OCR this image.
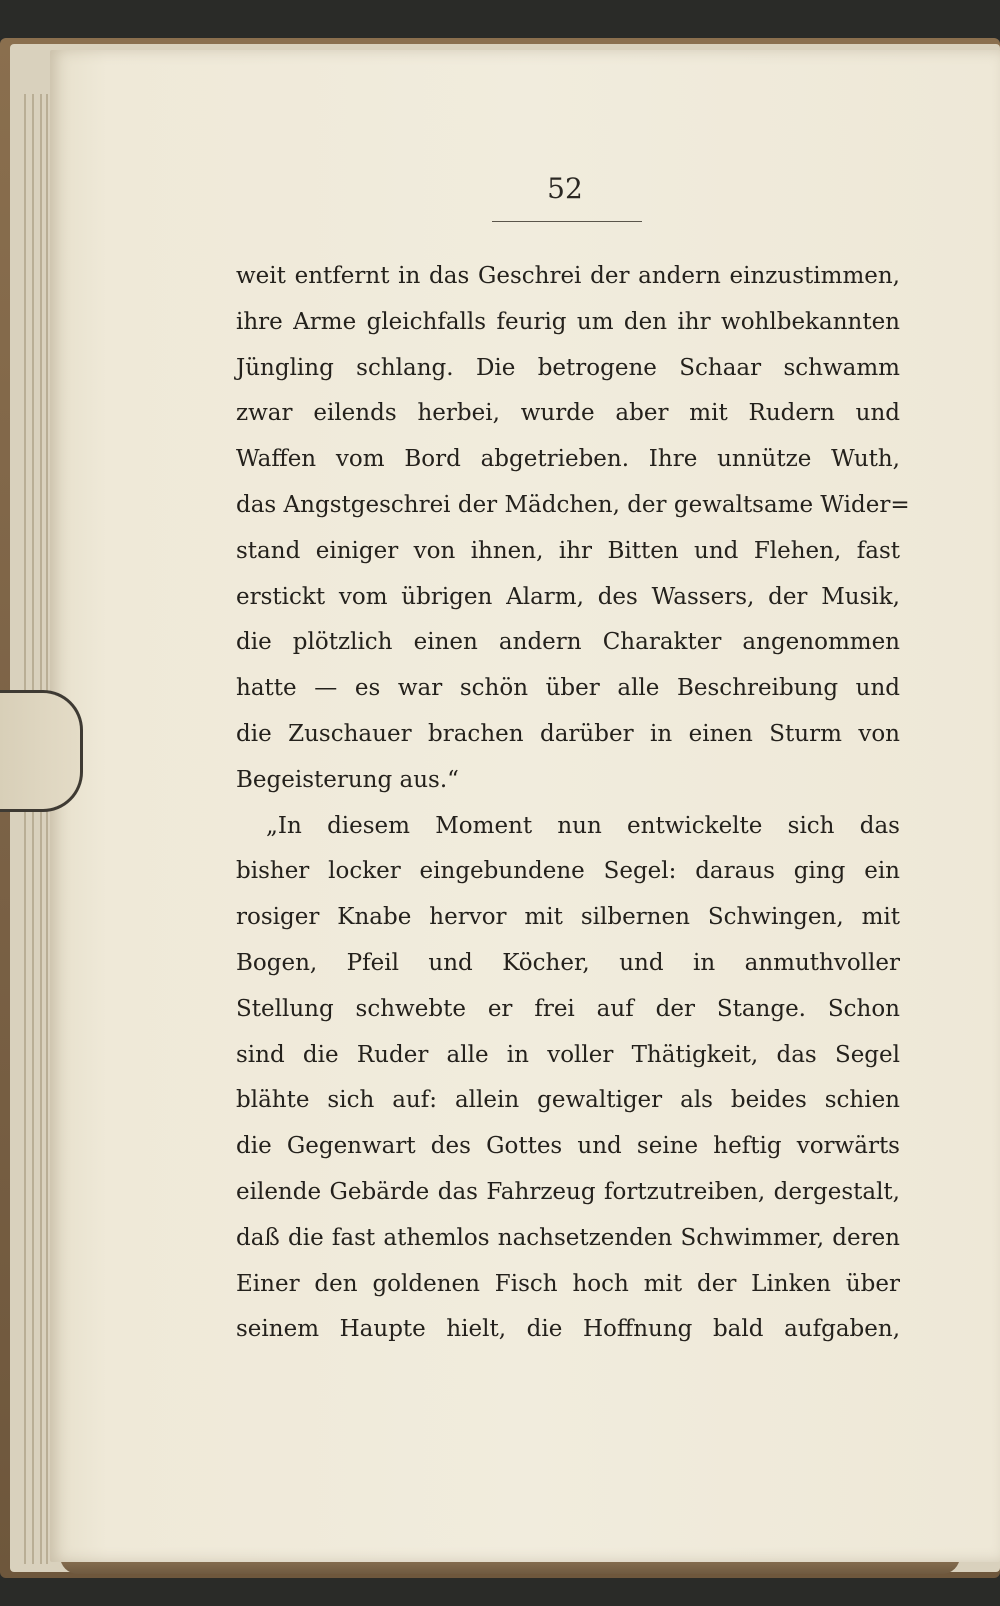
52
weit entfernt in das Geschrei der andern einzustimmen,
ihre Arme gleichfalls feurig um den ihr wohlbekannten
Jüngling schlang. Die betrogene Schaar schwamm
zwar eilends herbei, wurde aber mit Rudern und
Waffen vom Bord abgetrieben. Ihre unnütze Wuth,
das Angstgeschrei der Mädchen, der gewaltsame Wider=
stand einiger von ihnen, ihr Bitten und Flehen, fast
erstickt vom übrigen Alarm, des Wassers, der Musik,
die plötzlich einen andern Charakter angenommen
hatte — es war schön über alle Beschreibung und
die Zuschauer brachen darüber in einen Sturm von
Begeisterung aus.“
„In diesem Moment nun entwickelte sich das
bisher locker eingebundene Segel: daraus ging ein
rosiger Knabe hervor mit silbernen Schwingen, mit
Bogen, Pfeil und Köcher, und in anmuthvoller
Stellung schwebte er frei auf der Stange. Schon
sind die Ruder alle in voller Thätigkeit, das Segel
blähte sich auf: allein gewaltiger als beides schien
die Gegenwart des Gottes und seine heftig vorwärts
eilende Gebärde das Fahrzeug fortzutreiben, dergestalt,
daß die fast athemlos nachsetzenden Schwimmer, deren
Einer den goldenen Fisch hoch mit der Linken über
seinem Haupte hielt, die Hoffnung bald aufgaben,
